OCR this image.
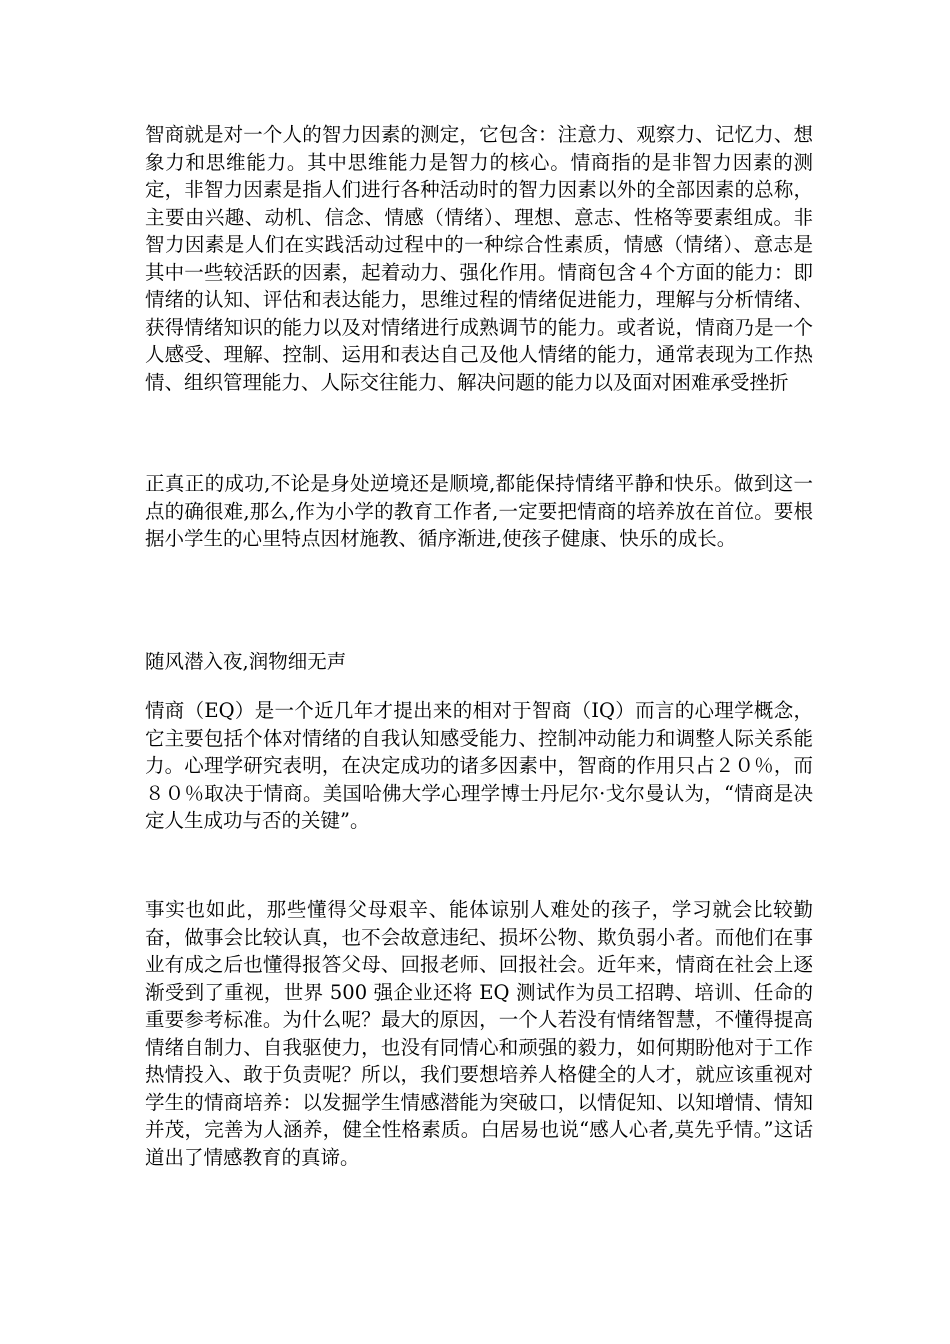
智商就是对一个人的智力因素的测定，它包含：注意力、观察力、记忆力、想象力和思维能力。其中思维能力是智力的核心。情商指的是非智力因素的测定，非智力因素是指人们进行各种活动时的智力因素以外的全部因素的总称，主要由兴趣、动机、信念、情感（情绪）、理想、意志、性格等要素组成。非智力因素是人们在实践活动过程中的一种综合性素质，情感（情绪）、意志是其中一些较活跃的因素，起着动力、强化作用。情商包含４个方面的能力：即情绪的认知、评估和表达能力，思维过程的情绪促进能力，理解与分析情绪、获得情绪知识的能力以及对情绪进行成熟调节的能力。或者说，情商乃是一个人感受、理解、控制、运用和表达自己及他人情绪的能力，通常表现为工作热情、组织管理能力、人际交往能力、解决问题的能力以及面对困难承受挫折

正真正的成功,不论是身处逆境还是顺境,都能保持情绪平静和快乐。做到这一点的确很难,那么,作为小学的教育工作者,一定要把情商的培养放在首位。要根据小学生的心里特点因材施教、循序渐进,使孩子健康、快乐的成长。

随风潜入夜,润物细无声

情商（EQ）是一个近几年才提出来的相对于智商（IQ）而言的心理学概念，它主要包括个体对情绪的自我认知感受能力、控制冲动能力和调整人际关系能力。心理学研究表明，在决定成功的诸多因素中，智商的作用只占２０％，而８０％取决于情商。美国哈佛大学心理学博士丹尼尔·戈尔曼认为，“情商是决定人生成功与否的关键”。

事实也如此，那些懂得父母艰辛、能体谅别人难处的孩子，学习就会比较勤奋，做事会比较认真，也不会故意违纪、损坏公物、欺负弱小者。而他们在事业有成之后也懂得报答父母、回报老师、回报社会。近年来，情商在社会上逐渐受到了重视，世界 500 强企业还将 EQ 测试作为员工招聘、培训、任命的重要参考标准。为什么呢？最大的原因，一个人若没有情绪智慧，不懂得提高情绪自制力、自我驱使力，也没有同情心和顽强的毅力，如何期盼他对于工作热情投入、敢于负责呢？所以，我们要想培养人格健全的人才，就应该重视对学生的情商培养：以发掘学生情感潜能为突破口，以情促知、以知增情、情知并茂，完善为人涵养，健全性格素质。白居易也说“感人心者,莫先乎情。”这话道出了情感教育的真谛。
